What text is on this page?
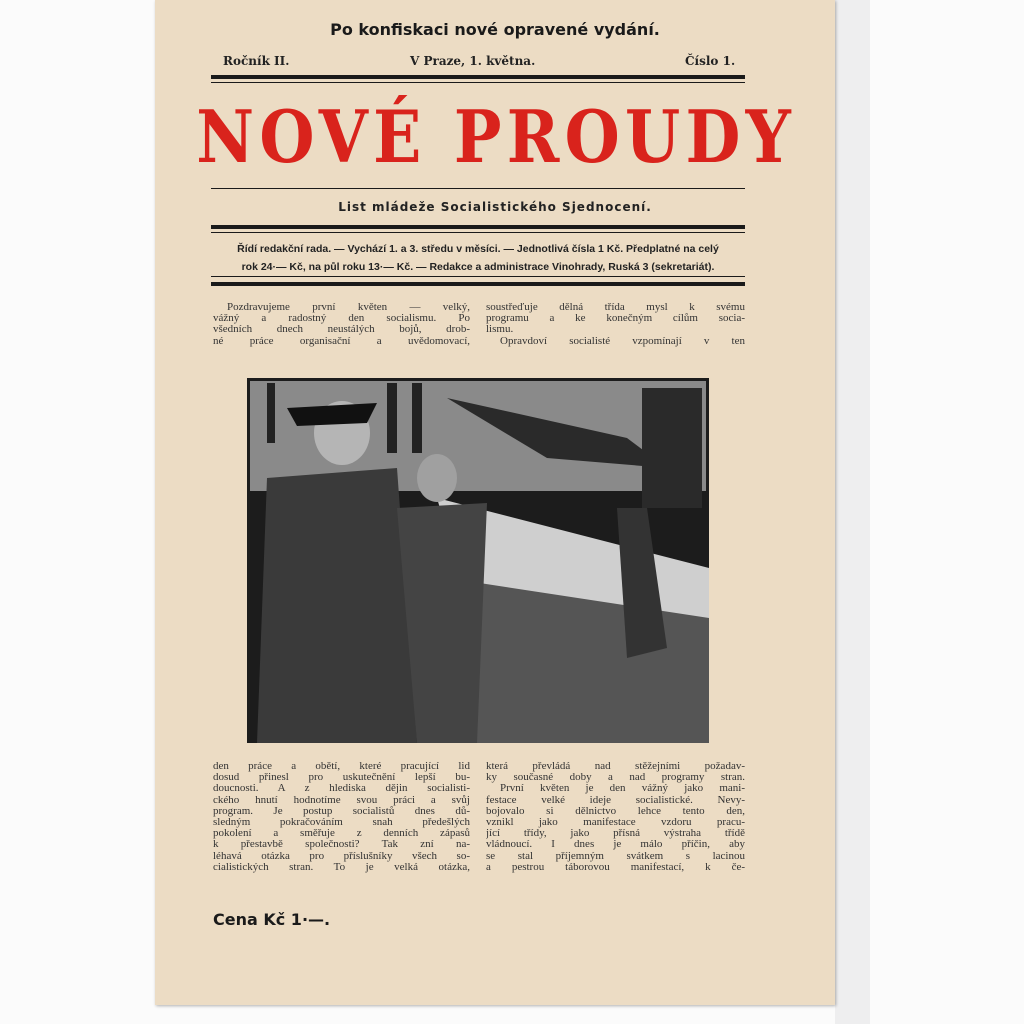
Po konfiskaci nové opravené vydání.
Ročník II.	V Praze, 1. května.	Číslo 1.
NOVÉ PROUDY
List mládeže Socialistického Sjednocení.
Řídí redakční rada. — Vychází 1. a 3. středu v měsíci. — Jednotlivá čísla 1 Kč. Předplatné na celý
rok 24·— Kč, na půl roku 13·— Kč. — Redakce a administrace Vinohrady, Ruská 3 (sekretariát).
Pozdravujeme první květen — velký,
vážný a radostný den socialismu. Po
všedních dnech neustálých bojů, drob-
né práce organisační a uvědomovací,
soustřeďuje dělná třída mysl k svému
programu a ke konečným cílům socia-
lismu.
Opravdoví socialisté vzpomínají v ten
den práce a obětí, které pracující lid
dosud přinesl pro uskutečnění lepší bu-
doucnosti. A z hlediska dějin socialisti-
ckého hnutí hodnotíme svou práci a svůj
program. Je postup socialistů dnes dů-
sledným pokračováním snah předešlých
pokolení a směřuje z denních zápasů
k přestavbě společnosti? Tak zní na-
léhavá otázka pro příslušníky všech so-
cialistických stran. To je velká otázka,
která převládá nad stěžejními požadav-
ky současné doby a nad programy stran.
První květen je den vážný jako mani-
festace velké ideje socialistické. Nevy-
bojovalo si dělnictvo lehce tento den,
vznikl jako manifestace vzdoru pracu-
jící třídy, jako přísná výstraha třídě
vládnoucí. I dnes je málo příčin, aby
se stal příjemným svátkem s lacinou
a pestrou táborovou manifestací, k če-
Cena Kč 1·—.
